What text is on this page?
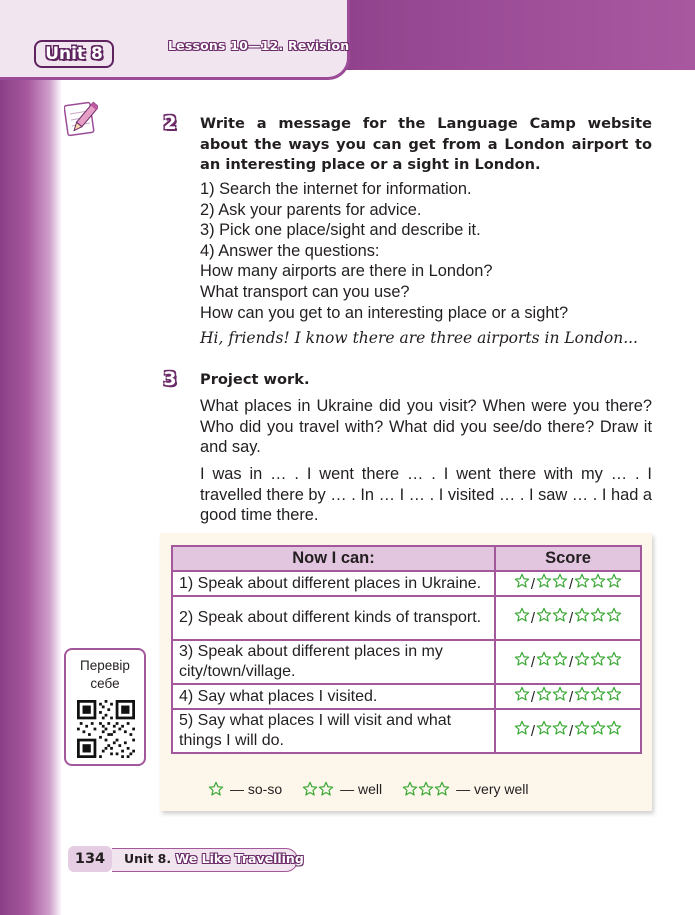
Unit 8	Lessons 10—12. Revision
2	Write a message for the Language Camp website about the ways you can get from a London airport to an interesting place or a sight in London.
1) Search the internet for information.
2) Ask your parents for advice.
3) Pick one place/sight and describe it.
4) Answer the questions:
How many airports are there in London?
What transport can you use?
How can you get to an interesting place or a sight?
Hi, friends! I know there are three airports in London...
3	Project work.
What places in Ukraine did you visit? When were you there? Who did you travel with? What did you see/do there? Draw it and say.
I was in … . I went there … . I went there with my … . I travelled there by … . In … I … . I visited … . I saw … . I had a good time there.
Now I can:	Score
1) Speak about different places in Ukraine.	/ /

2) Speak about different kinds of transport.	/ /

3) Speak about different places in my city/town/village.	/ /

4) Say what places I visited.	/ /

5) Say what places I will visit and what things I will do.	/ /
— so-so	— well	— very well
Перевір
себе
134	Unit 8. We Like Travelling
